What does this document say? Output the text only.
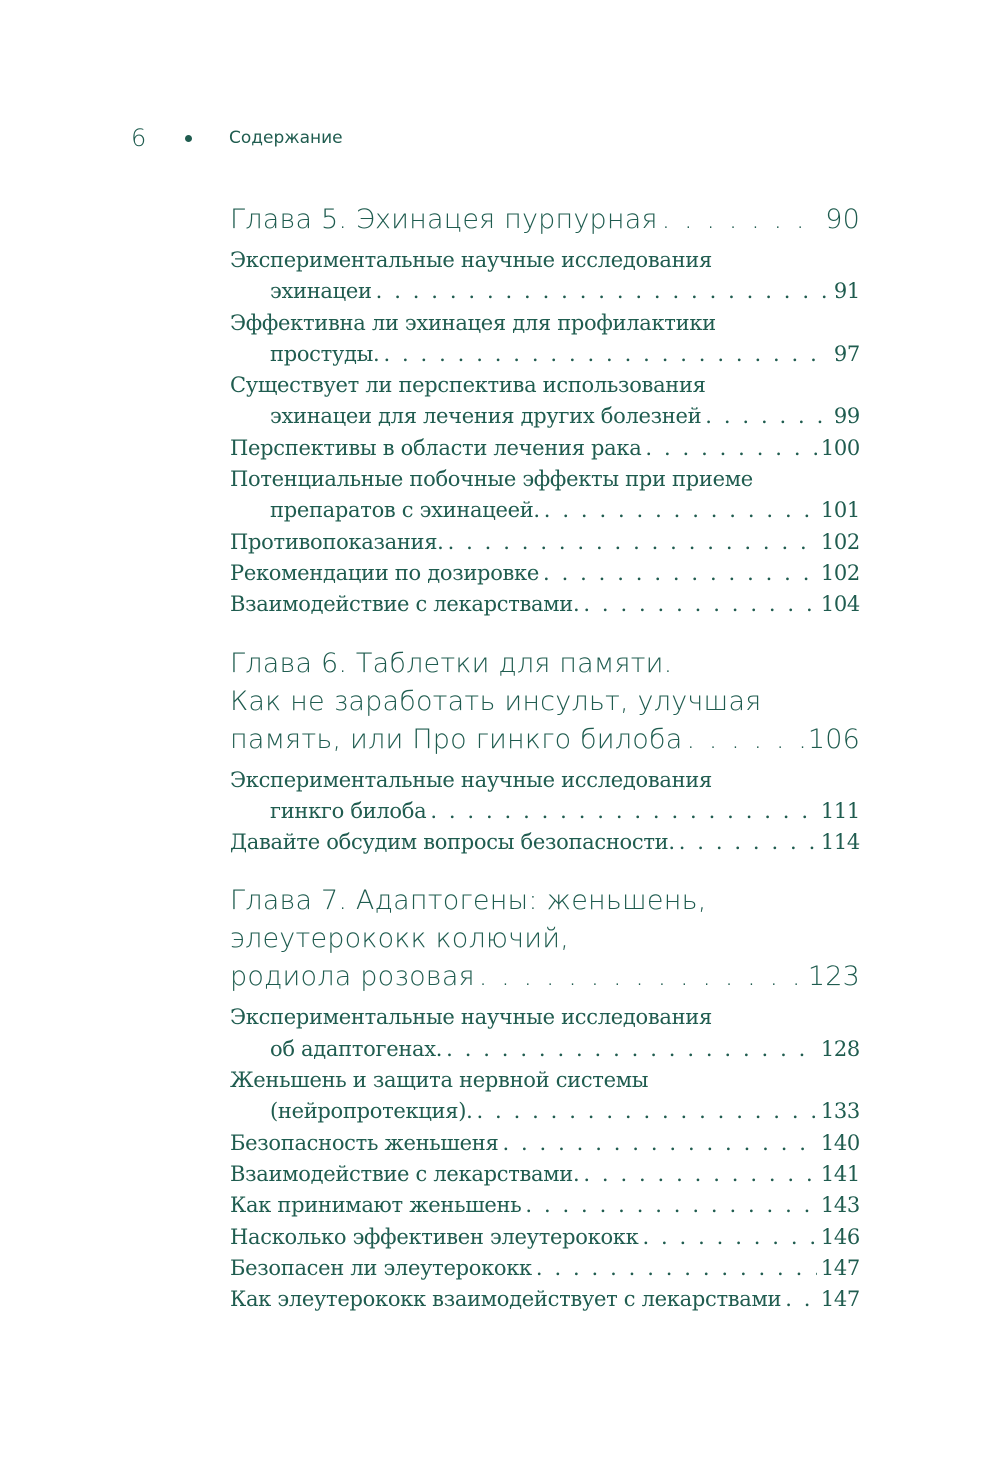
6	Содержание
Глава 5. Эхинацея пурпурная . . .	90
Экспериментальные научные исследования
эхинацеи . . .	91
Эффективна ли эхинацея для профилактики
простуды. . . .	97
Существует ли перспектива использования
эхинацеи для лечения других болезней . . .	99
Перспективы в области лечения рака . . .	100
Потенциальные побочные эффекты при приеме
препаратов с эхинацеей. . . .	101
Противопоказания. . . .	102
Рекомендации по дозировке . . .	102
Взаимодействие с лекарствами. . . .	104
Глава 6. Таблетки для памяти.
Как не заработать инсульт, улучшая
память, или Про гинкго билоба . . .	106
Экспериментальные научные исследования
гинкго билоба . . .	111
Давайте обсудим вопросы безопасности. . . .	114
Глава 7. Адаптогены: женьшень,
элеутерококк колючий,
родиола розовая . . .	123
Экспериментальные научные исследования
об адаптогенах. . . .	128
Женьшень и защита нервной системы
(нейропротекция). . . .	133
Безопасность женьшеня . . .	140
Взаимодействие с лекарствами. . . .	141
Как принимают женьшень . . .	143
Насколько эффективен элеутерококк . . .	146
Безопасен ли элеутерококк . . .	147
Как элеутерококк взаимодействует с лекарствами . . . 147
